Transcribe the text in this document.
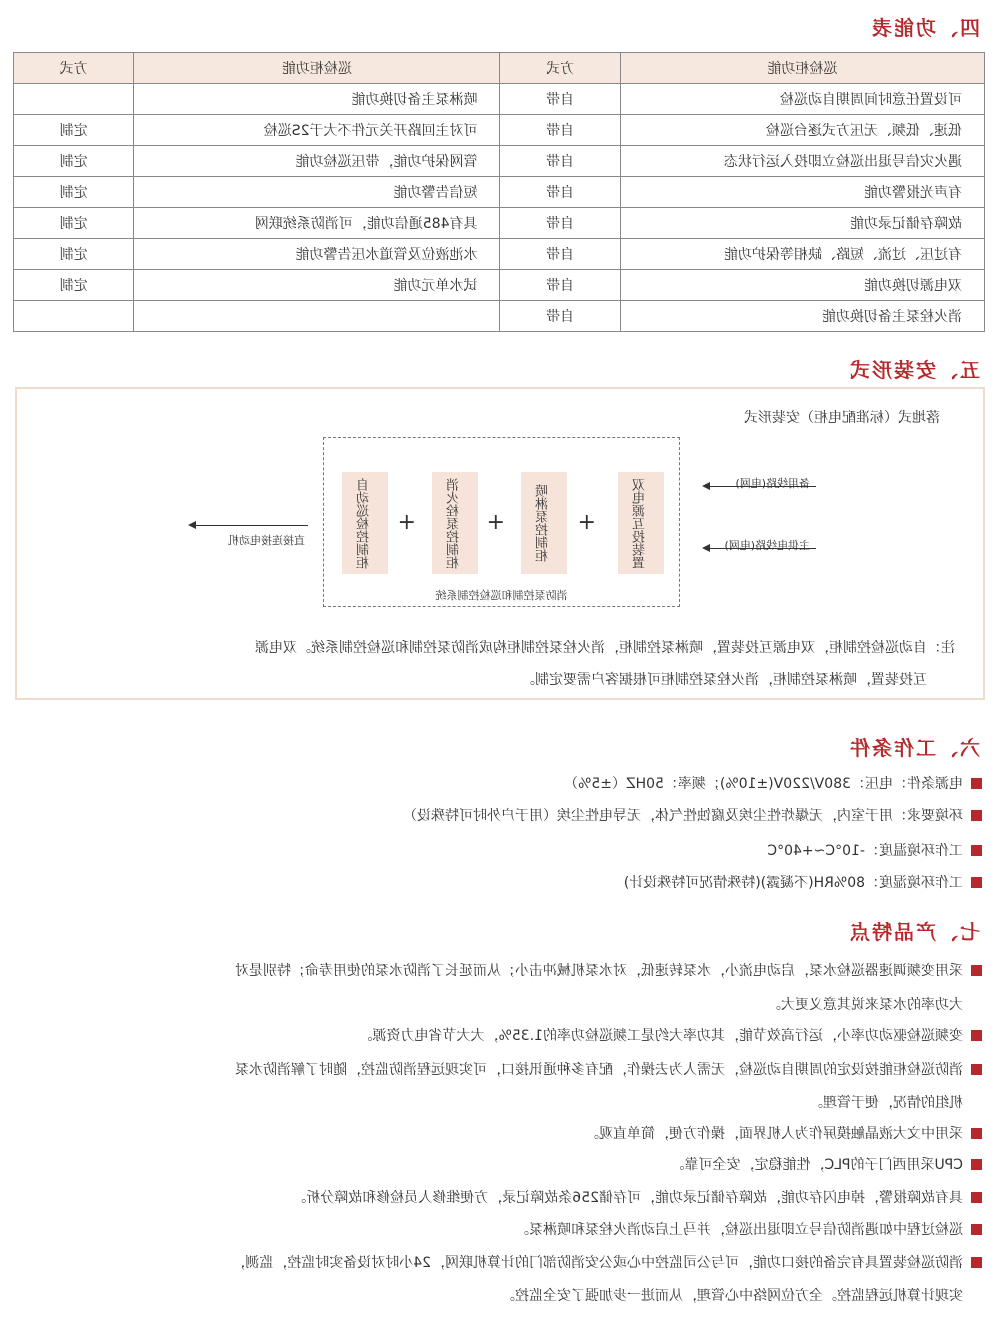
四、功能表
巡检柜功能	方式	巡检柜功能	方式
可设置任意时间周期自动巡检	自带	喷淋泵主备切换功能	
低速、低频、无压方式逐台巡检	自带	可对主回路开关元件不大于2S巡检	定制
遇火灾信号退出巡检立即投入运行状态	自带	管网保护功能，带压巡检功能	定制
有声光报警功能	自带	短信告警功能	定制
故障存储记录功能	自带	具有485通信功能，可消防系统联网	定制
有过压、过流、短路、缺相等保护功能	自带	水池液位及管道水压告警功能	定制
双电源切换功能	自带	试水单元功能	定制
消火栓泵主备切换功能	自带		
五、安装形式
落地式（标准配电柜）安装形式
备用线路(电网)
主供电线路(电网)
双电源互投装置
+
喷淋泵控制柜
+
消火栓泵控制柜
+
自动巡检控制柜
消防泵控制和巡检控制系统
直接连接电动机
注：自动巡检控制柜，双电源互投装置，喷淋泵控制柜，消火栓泵控制柜构成消防泵控制和巡检控制系统。双电源
互投装置，喷淋泵控制柜，消火栓泵控制柜可根据客户需要定制。
六、工作条件
电源条件：电压：380V/220V(±10%)；频率：50HZ（±5%）
环境要求：用于室内，无爆炸性尘埃及腐蚀性气体，无导电性尘埃（用于户外时可特殊设）
工作环境温度：-10°C~+40°C
工作环境湿度：80%RH(不凝露)(特殊情况可特殊设计)
七、产品特点
采用变频调速器巡检水泵，启动电流小，水泵转速低，对水泵机械冲击小；从而延长了消防水泵的使用寿命；特别是对
大功率的水泵来说其意义更大。
变频巡检驱动功率小，运行高效节能，其功率大约是工频巡检功率的1.35%，大大节省电力资源。
消防巡检柜能按设定的周期自动巡检，无需人为去操作，配有多种通讯接口，可实现远程消防监控，随时了解消防水泵
机组的情况，便于管理。
采用中文大液晶触摸屏作为人机界面，操作方便，简单直观。
CPU采用西门子的PLC，性能稳定，安全可靠。
具有故障报警，掉电闪存功能，故障存储记录功能，可存储256条故障记录，方便维修人员检修和故障分析。
巡检过程中如遇消防信号立即退出巡检，并马上启动消火栓泵和喷淋泵。
消防巡检装置具有完备的接口功能，可与公司监控中心或公安消防部门的计算机联网，24小时对设备实时监控，监测，
实现计算机远程监控。全方位网络中心管理，从而进一步加强了安全监控。
